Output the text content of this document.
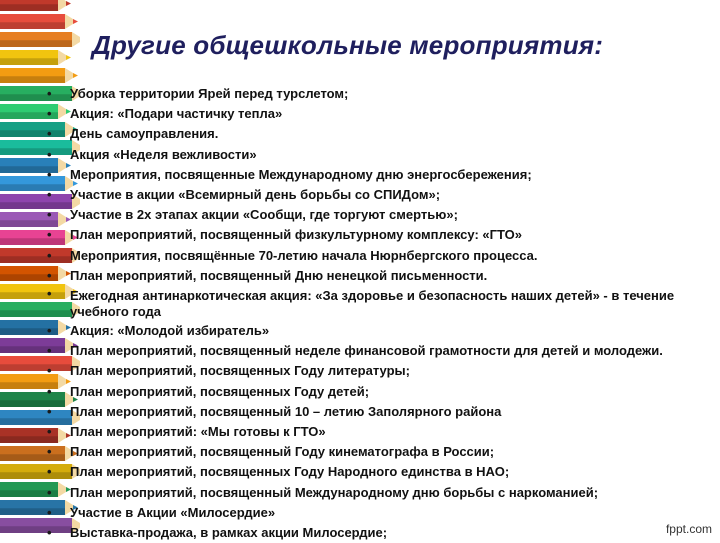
Другие общешкольные мероприятия:
• Уборка территории Ярей перед турслетом;
• Акция: «Подари частичку тепла»
• День самоуправления.
• Акция «Неделя вежливости»
• Мероприятия, посвященные Международному дню энергосбережения;
• Участие в акции «Всемирный день борьбы со СПИДом»;
• Участие в 2х этапах акции «Сообщи, где торгуют смертью»;
• План мероприятий, посвященный физкультурному комплексу: «ГТО»
• Мероприятия, посвящённые 70-летию начала Нюрнбергского процесса.
• План мероприятий, посвященный Дню ненецкой письменности.
• Ежегодная антинаркотическая акция: «За здоровье и безопасность наших детей» - в течение учебного года
• Акция: «Молодой избиратель»
• План мероприятий, посвященный неделе финансовой грамотности для детей и молодежи.
• План мероприятий, посвященных Году литературы;
• План мероприятий, посвященных Году детей;
• План мероприятий, посвященный 10 – летию Заполярного района
• План мероприятий: «Мы готовы к ГТО»
• План мероприятий, посвященный Году кинематографа в России;
• План мероприятий, посвященных Году Народного единства в НАО;
• План мероприятий, посвященный Международному дню борьбы с наркоманией;
• Участие в Акции «Милосердие»
• Выставка-продажа, в рамках акции Милосердие;	fppt.com
